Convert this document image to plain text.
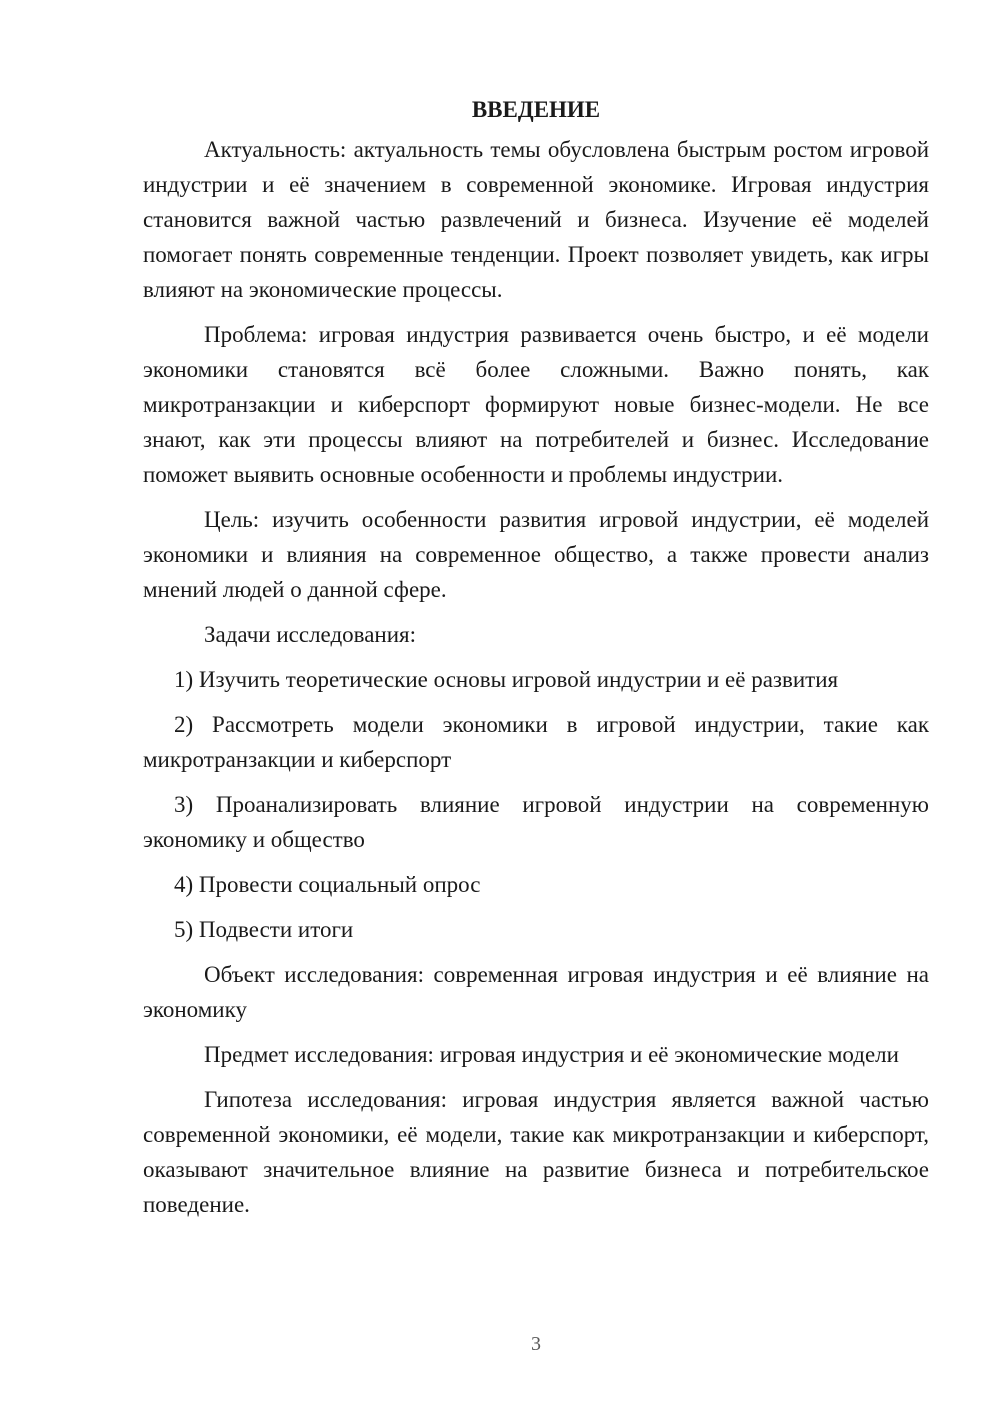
ВВЕДЕНИЕ

Актуальность: актуальность темы обусловлена быстрым ростом игровой индустрии и её значением в современной экономике. Игровая индустрия становится важной частью развлечений и бизнеса. Изучение её моделей помогает понять современные тенденции. Проект позволяет увидеть, как игры влияют на экономические процессы.

Проблема: игровая индустрия развивается очень быстро, и её модели экономики становятся всё более сложными. Важно понять, как микротранзакции и киберспорт формируют новые бизнес-модели. Не все знают, как эти процессы влияют на потребителей и бизнес. Исследование поможет выявить основные особенности и проблемы индустрии.

Цель: изучить особенности развития игровой индустрии, её моделей экономики и влияния на современное общество, а также провести анализ мнений людей о данной сфере.

Задачи исследования:

1) Изучить теоретические основы игровой индустрии и её развития

2) Рассмотреть модели экономики в игровой индустрии, такие как микротранзакции и киберспорт

3) Проанализировать влияние игровой индустрии на современную экономику и общество

4) Провести социальный опрос

5) Подвести итоги

Объект исследования: современная игровая индустрия и её влияние на экономику

Предмет исследования: игровая индустрия и её экономические модели

Гипотеза исследования: игровая индустрия является важной частью современной экономики, её модели, такие как микротранзакции и киберспорт, оказывают значительное влияние на развитие бизнеса и потребительское поведение.

3
